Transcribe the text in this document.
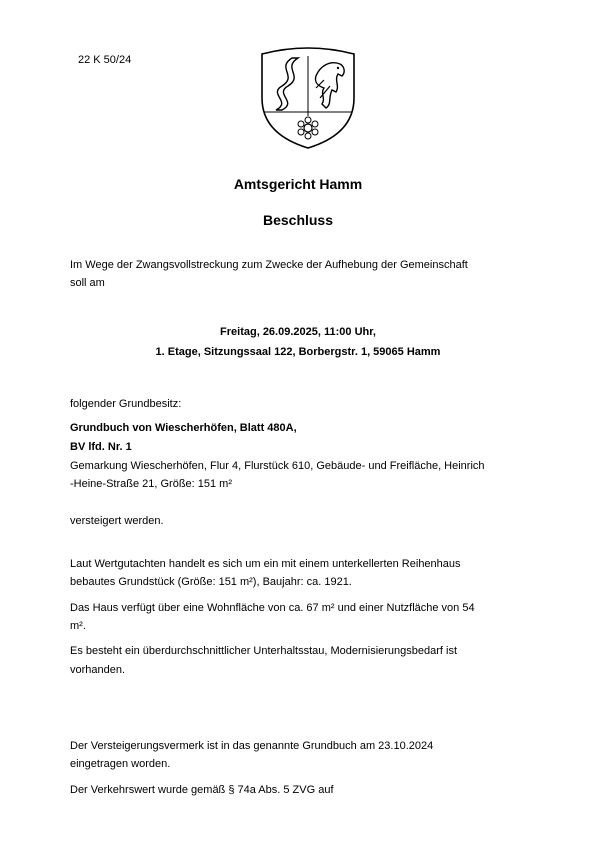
22 K 50/24
Amtsgericht Hamm
Beschluss
Im Wege der Zwangsvollstreckung zum Zwecke der Aufhebung der Gemeinschaft
soll am
Freitag, 26.09.2025, 11:00 Uhr,
1. Etage, Sitzungssaal 122, Borbergstr. 1, 59065 Hamm
folgender Grundbesitz:
Grundbuch von Wiescherhöfen, Blatt 480A,
BV lfd. Nr. 1
Gemarkung Wiescherhöfen, Flur 4, Flurstück 610, Gebäude- und Freifläche, Heinrich
-Heine-Straße 21, Größe: 151 m²
versteigert werden.
Laut Wertgutachten handelt es sich um ein mit einem unterkellerten Reihenhaus
bebautes Grundstück (Größe: 151 m²), Baujahr: ca. 1921.
Das Haus verfügt über eine Wohnfläche von ca. 67 m² und einer Nutzfläche von 54
m².
Es besteht ein überdurchschnittlicher Unterhaltsstau, Modernisierungsbedarf ist
vorhanden.
Der Versteigerungsvermerk ist in das genannte Grundbuch am 23.10.2024
eingetragen worden.
Der Verkehrswert wurde gemäß § 74a Abs. 5 ZVG auf
